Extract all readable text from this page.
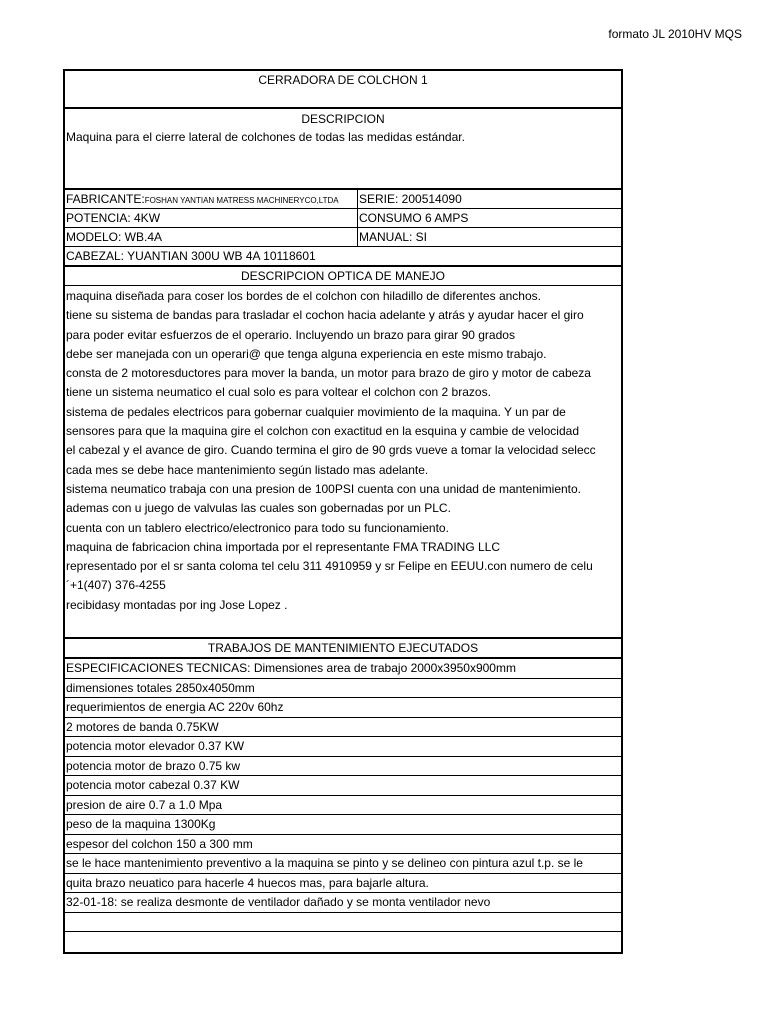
formato JL 2010HV MQS
CERRADORA DE COLCHON 1
DESCRIPCION
Maquina para el cierre lateral de colchones de todas las medidas estándar.
FABRICANTE:FOSHAN YANTIAN MATRESS MACHINERYCO,LTDA	SERIE: 200514090
POTENCIA: 4KW	CONSUMO 6 AMPS
MODELO: WB.4A	MANUAL: SI
CABEZAL: YUANTIAN 300U WB 4A 10118601
DESCRIPCION OPTICA DE MANEJO
maquina diseñada para coser los bordes de el colchon con hiladillo de diferentes anchos.
tiene su sistema de bandas para trasladar el cochon hacia adelante y atrás y ayudar hacer el giro
para poder evitar esfuerzos de el operario. Incluyendo un brazo para girar 90 grados
debe ser manejada con un operari@ que tenga alguna experiencia en este mismo trabajo.
consta de 2 motoresductores para mover la banda, un motor para brazo de giro y motor de cabeza
tiene un sistema neumatico el cual solo es para voltear el colchon con 2 brazos.
sistema de pedales electricos para gobernar cualquier movimiento de la maquina. Y un par de
sensores para que la maquina gire el colchon con exactitud en la esquina y cambie de velocidad
el cabezal y el avance de giro. Cuando termina el giro de 90 grds vueve a tomar la velocidad selecc
cada mes se debe hace mantenimiento según listado mas adelante.
sistema neumatico trabaja con una presion de 100PSI cuenta con una unidad de mantenimiento.
ademas con u juego de valvulas las cuales son gobernadas por un PLC.
cuenta con un tablero electrico/electronico para todo su funcionamiento.
maquina de fabricacion china importada por el representante FMA TRADING LLC
representado por el sr santa coloma tel celu 311 4910959 y sr Felipe en EEUU.con numero de celu
´+1(407) 376-4255
recibidasy montadas por ing Jose Lopez .
TRABAJOS DE MANTENIMIENTO EJECUTADOS
ESPECIFICACIONES TECNICAS: Dimensiones area de trabajo 2000x3950x900mm
dimensiones totales 2850x4050mm
requerimientos de energia AC 220v 60hz
2 motores de banda 0.75KW
potencia motor elevador 0.37 KW
potencia motor de brazo 0.75 kw
potencia motor cabezal 0.37 KW
presion de aire 0.7 a 1.0 Mpa
peso de la maquina 1300Kg
espesor del colchon 150 a 300 mm
se le hace mantenimiento preventivo a la maquina se pinto y se delineo con pintura azul t.p. se le
quita brazo neuatico para hacerle 4 huecos mas, para bajarle altura.
32-01-18: se realiza desmonte de ventilador dañado y se monta ventilador nevo
